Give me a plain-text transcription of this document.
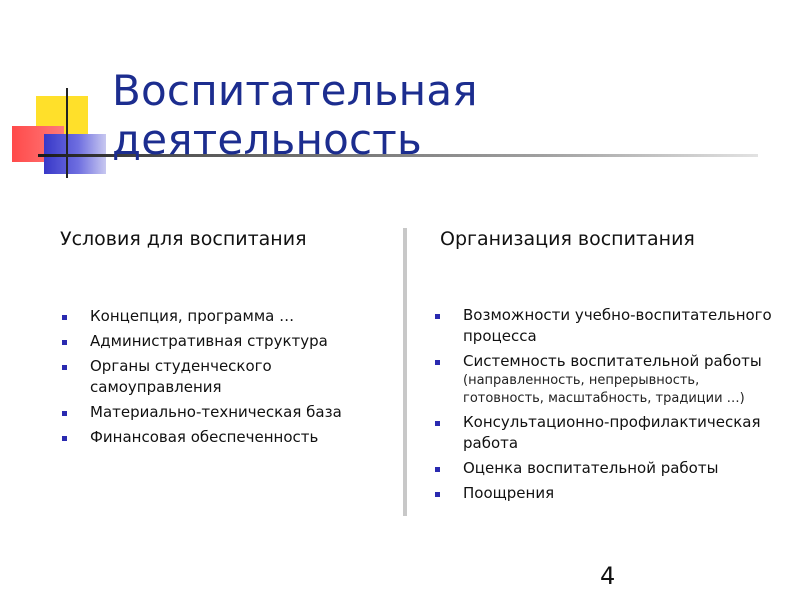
Воспитательная деятельность
Условия для воспитания	Организация воспитания
Концепция, программа …
Административная структура
Органы студенческого самоуправления
Материально-техническая база
Финансовая обеспеченность
Возможности учебно-воспитательного процесса
Системность воспитательной работы
(направленность, непрерывность, готовность, масштабность, традиции …)
Консультационно-профилактическая работа
Оценка воспитательной работы
Поощрения
4
